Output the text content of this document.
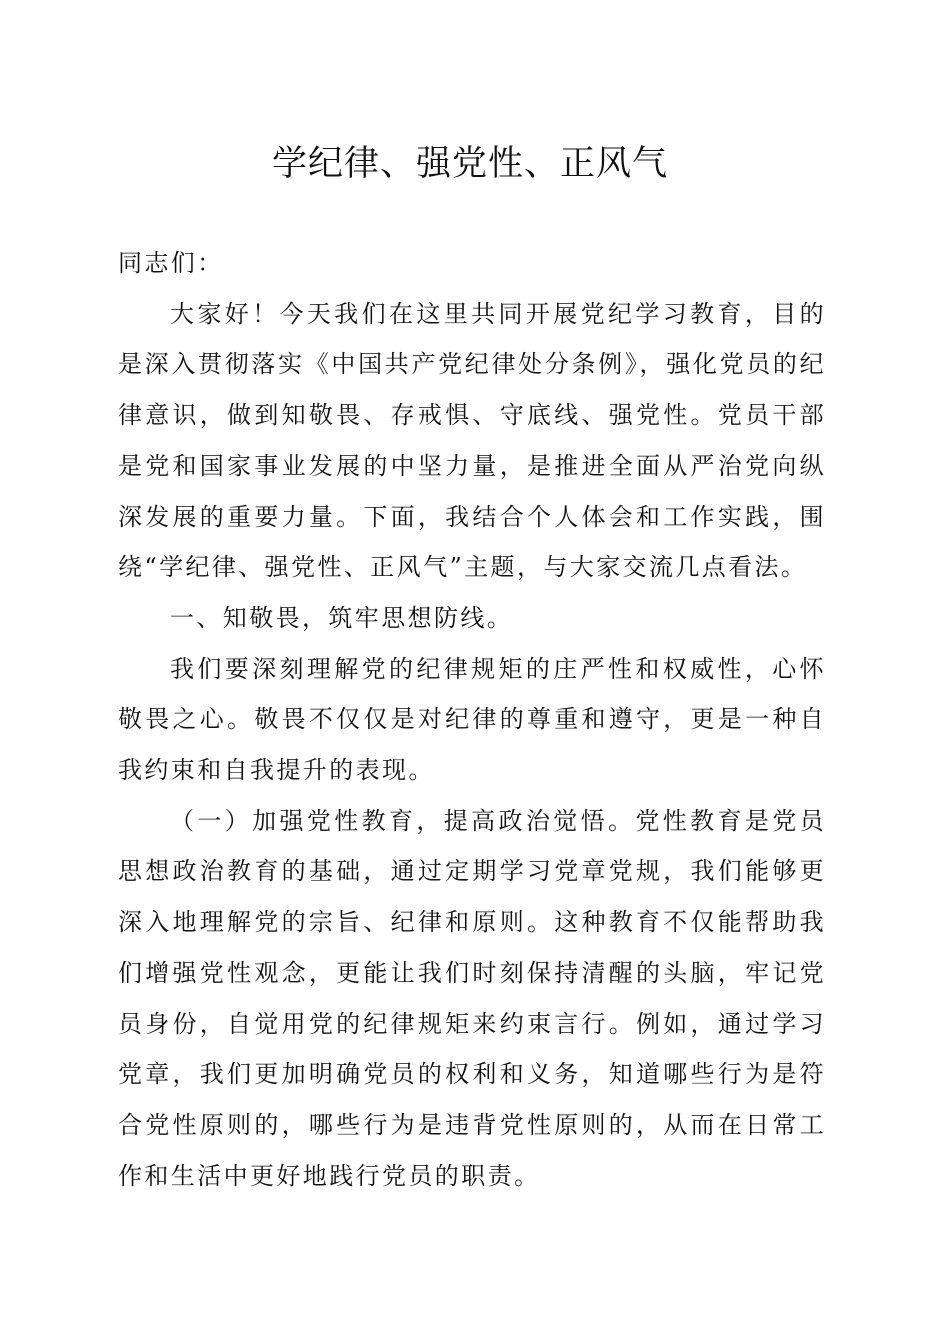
学纪律、强党性、正风气

同志们：

大家好！今天我们在这里共同开展党纪学习教育，目的是深入贯彻落实《中国共产党纪律处分条例》，强化党员的纪律意识，做到知敬畏、存戒惧、守底线、强党性。党员干部是党和国家事业发展的中坚力量，是推进全面从严治党向纵深发展的重要力量。下面，我结合个人体会和工作实践，围绕“学纪律、强党性、正风气”主题，与大家交流几点看法。

一、知敬畏，筑牢思想防线。

我们要深刻理解党的纪律规矩的庄严性和权威性，心怀敬畏之心。敬畏不仅仅是对纪律的尊重和遵守，更是一种自我约束和自我提升的表现。

（一）加强党性教育，提高政治觉悟。党性教育是党员思想政治教育的基础，通过定期学习党章党规，我们能够更深入地理解党的宗旨、纪律和原则。这种教育不仅能帮助我们增强党性观念，更能让我们时刻保持清醒的头脑，牢记党员身份，自觉用党的纪律规矩来约束言行。例如，通过学习党章，我们更加明确党员的权利和义务，知道哪些行为是符合党性原则的，哪些行为是违背党性原则的，从而在日常工作和生活中更好地践行党员的职责。
